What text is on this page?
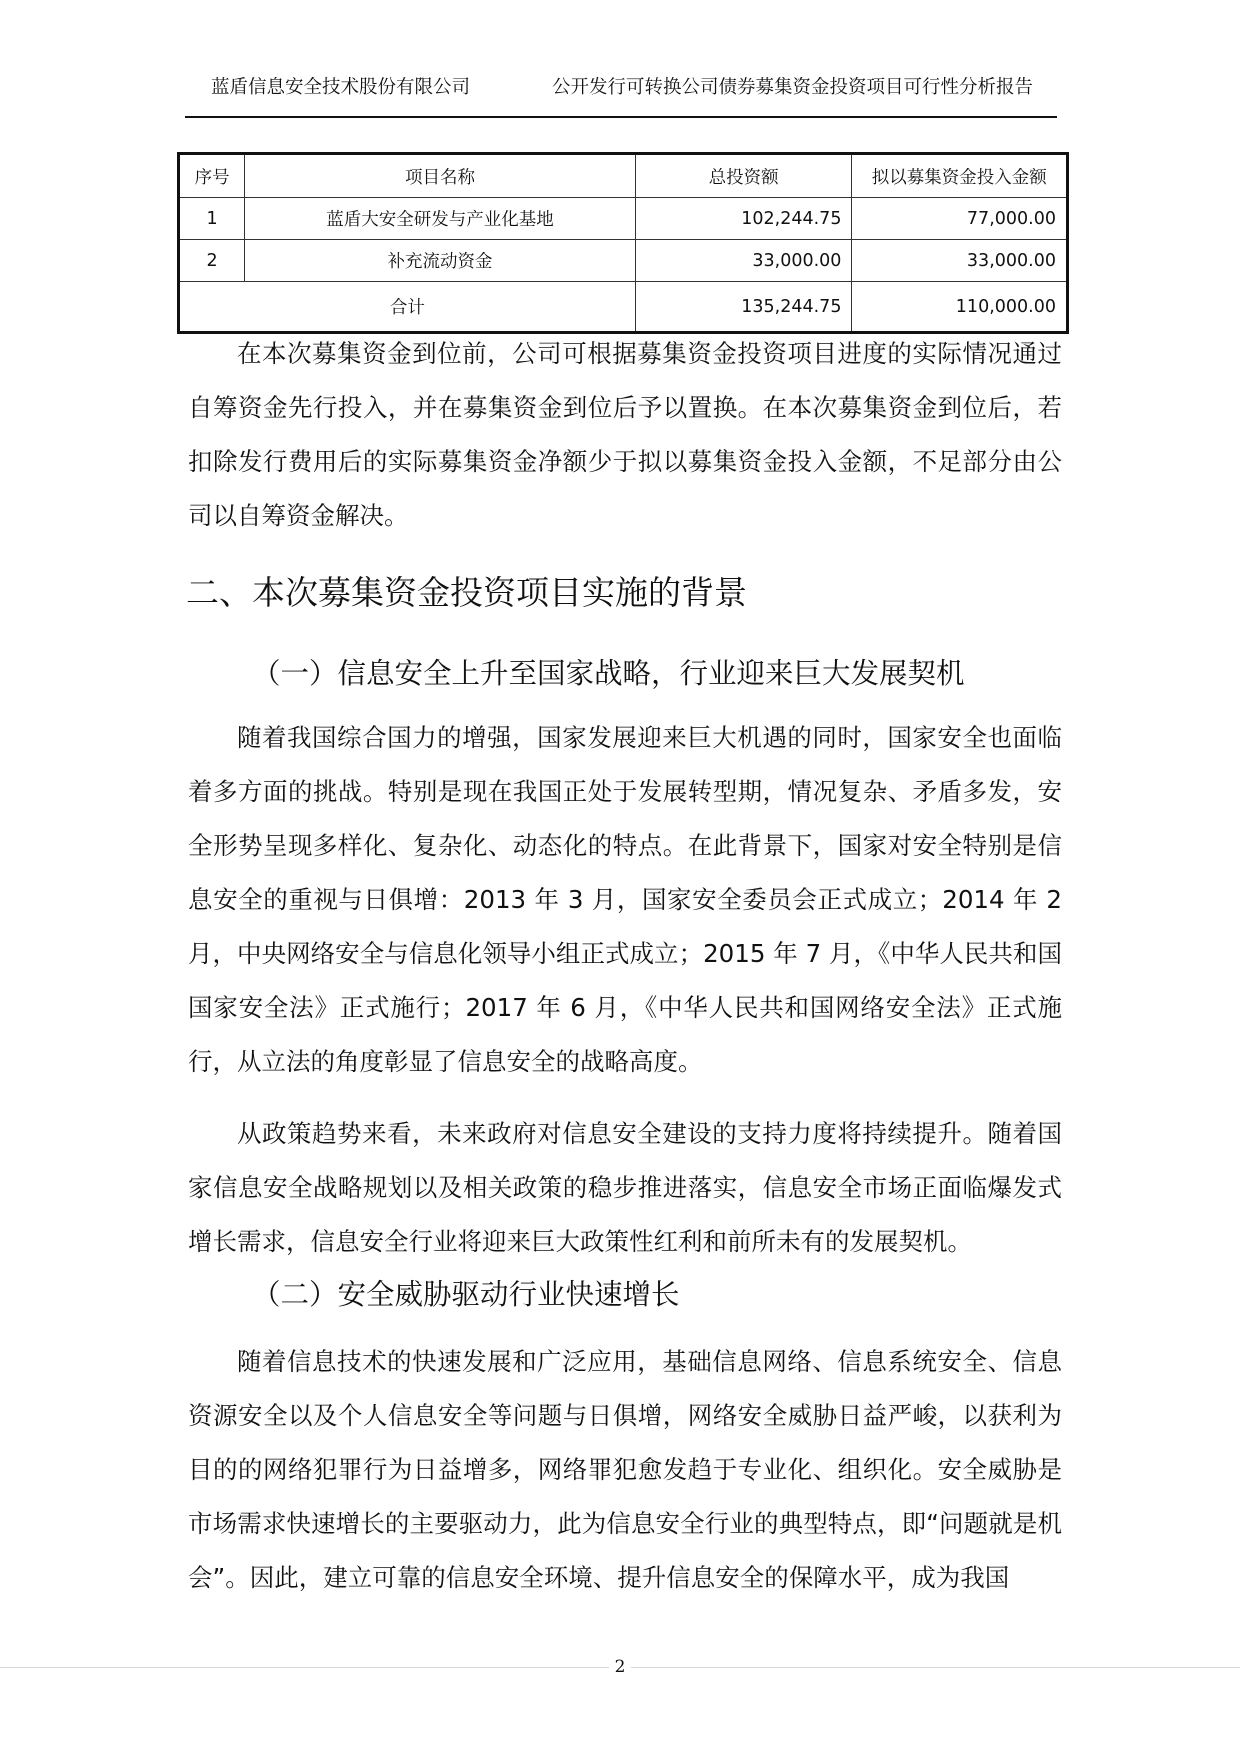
蓝盾信息安全技术股份有限公司	公开发行可转换公司债券募集资金投资项目可行性分析报告
序号	项目名称	总投资额	拟以募集资金投入金额
1	蓝盾大安全研发与产业化基地	102,244.75	77,000.00
2	补充流动资金	33,000.00	33,000.00
合计		135,244.75	110,000.00

在本次募集资金到位前，公司可根据募集资金投资项目进度的实际情况通过自筹资金先行投入，并在募集资金到位后予以置换。在本次募集资金到位后，若扣除发行费用后的实际募集资金净额少于拟以募集资金投入金额，不足部分由公司以自筹资金解决。

二、本次募集资金投资项目实施的背景
（一）信息安全上升至国家战略，行业迎来巨大发展契机

随着我国综合国力的增强，国家发展迎来巨大机遇的同时，国家安全也面临着多方面的挑战。特别是现在我国正处于发展转型期，情况复杂、矛盾多发，安全形势呈现多样化、复杂化、动态化的特点。在此背景下，国家对安全特别是信息安全的重视与日俱增：2013 年 3 月，国家安全委员会正式成立；2014 年 2 月，中央网络安全与信息化领导小组正式成立；2015 年 7 月，《中华人民共和国国家安全法》正式施行；2017 年 6 月，《中华人民共和国网络安全法》正式施行，从立法的角度彰显了信息安全的战略高度。

从政策趋势来看，未来政府对信息安全建设的支持力度将持续提升。随着国家信息安全战略规划以及相关政策的稳步推进落实，信息安全市场正面临爆发式增长需求，信息安全行业将迎来巨大政策性红利和前所未有的发展契机。

（二）安全威胁驱动行业快速增长

随着信息技术的快速发展和广泛应用，基础信息网络、信息系统安全、信息资源安全以及个人信息安全等问题与日俱增，网络安全威胁日益严峻，以获利为目的的网络犯罪行为日益增多，网络罪犯愈发趋于专业化、组织化。安全威胁是市场需求快速增长的主要驱动力，此为信息安全行业的典型特点，即“问题就是机会”。因此，建立可靠的信息安全环境、提升信息安全的保障水平，成为我国

2
